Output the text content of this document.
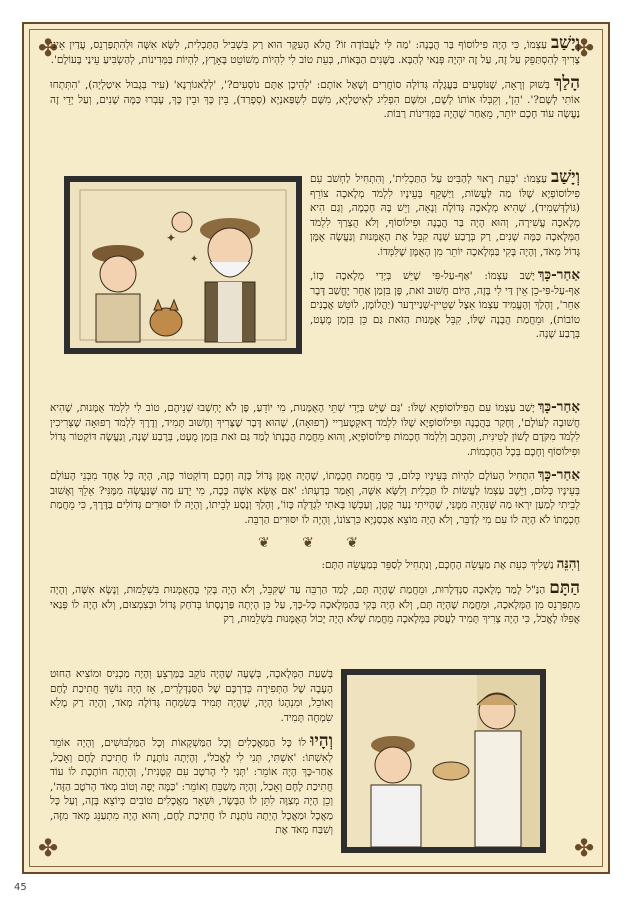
✤	✤
✤	✤

וְיָשַׁבעַצְמוֹ, כִּי הָיָה פִילוֹסוֹף בַּר הֲבָנָה: 'מַה לִּי לַעֲבוֹדָה זוֹ? הֲלֹא הָעִקָּר הוּא רַק בִּשְׁבִיל הַתַּכְלִית, לִשָּׂא אִשָּׁה וּלְהִתְפַּרְנֵס, עֲדַיִן אֵינִי צָרִיךְ לְהִסְתַּפֵּק עַל זֶה, עַל זֶה יִהְיֶה פְּנַאי לְהַבָּא. בַּשָּׁנִים הַבָּאוֹת, כְּעֵת טוֹב לִי לִהְיוֹת מְשׁוֹטֵט בָּאָרֶץ, לִהְיוֹת בַּמְּדִינוֹת, לְהַשְׂבִּיעַ עֵינַי בָּעוֹלָם'.

הָלַךְבְּשׁוּק וְרָאָה, שֶׁנּוֹסְעִים בַּעֲגָלָה גְּדוֹלָה סוֹחֲרִים וְשָׁאַל אוֹתָם: 'לְהֵיכָן אַתֶּם נוֹסְעִים?', 'לְלַאגוֹרְנָא' (עִיר בְּגָבוּל אִיטַלְיָה), 'הִתְּתְחוּ אוֹתִי לְשָׁם?'. 'הֵן', וְקִבְּלוּ אוֹתוֹ לְשָׁם, וּמִשָּׁם הִפְלִיג לְאִיטַלְיָא, מִשָּׁם לִשְׁפַּאנְיָא (סְפָרַד), בֵּין כָּךְ וּבֵין כָּךְ, עָבְרוּ כַּמָּה שָׁנִים, וְעַל יְדֵי זֶה נַעֲשָׂה עוֹד חָכָם יוֹתֵר, מֵאַחַר שֶׁהָיָה בַּמְּדִינוֹת רַבּוֹת.

✦
✦

וְיָשַׁבעַצְמוֹ: 'כְּעֵת רָאוּי לְהַבִּיט עַל הַתַּכְלִית', וְהִתְחִיל לַחְשֹׁב עִם פִילוֹסוֹפְיָא שֶׁלּוֹ מַה לַּעֲשׂוֹת, וַיַּשְׁקֵף בְּעֵינָיו לִלְמֹד מְלָאכָה צוֹרֵף (גּוֹלְדְּשְׁמִיד), שֶׁהִיא מְלָאכָה גְּדוֹלָה וְנָאָה, וְיֵשׁ בָּהּ חָכְמָה, וְגַם הִיא מְלָאכָה עֲשִׁירָה, וְהוּא הָיָה בַּר הֲבָנָה וּפִילוֹסוֹף, וְלֹא הֻצְרַךְ לִלְמֹד הַמְּלָאכָה כַּמָּה שָׁנִים, רַק בְּרֶבַע שָׁנָה קִבֵּל אֶת הָאֻמָּנוּת וְנַעֲשָׂה אֻמָּן גָּדוֹל מְאֹד, וְהָיָה בָּקִי בַּמְּלָאכָה יוֹתֵר מִן הָאֻמָּן שֶׁלִּמְּדוֹ.

אַחַר-כָּךְיָשַׁב עַצְמוֹ: 'אַף-עַל-פִּי שֶׁיֵּשׁ בְּיָדִי מְלָאכָה כָּזוֹ, אַף-עַל-פִּי-כֵן אֵין דַּי לִי בָּזֶה, הַיּוֹם חָשׁוּב זֹאת, פֶּן בִּזְמַן אַחֵר יֶחֱשַׁב דָּבָר אַחֵר', וְהָלַךְ וְהֶעֱמִיד עַצְמוֹ אֵצֶל שְׁטֵיין-שְׁנַיידֶער (יַהֲלוֹמָן, לוֹטֵשׁ אֲבָנִים טוֹבוֹת), וּמֵחֲמַת הֲבָנָה שֶׁלּוֹ, קִבֵּל אֻמָּנוּת הַזֹּאת גַּם כֵּן בִּזְמַן מֻעָט, בְּרֶבַע שָׁנָה.

אַחַר-כָּךְיָשַׁב עַצְמוֹ עִם הַפִילוֹסוֹפְיָא שֶׁלּוֹ: 'גַּם שֶׁיֵּשׁ בְּיָדִי שְׁתֵּי הָאֻמָּנוּת, מִי יוֹדֵעַ, פֶּן לֹא יֶחְשְׁבוּ שְׁנֵיהֶם, טוֹב לִי לִלְמֹד אֻמָּנוּת, שֶׁהִיא חֲשׁוּבָה לְעוֹלָם', וְחָקַר בַּהֲבָנָה וּפִילוֹסוֹפְיָא שֶׁלּוֹ לִלְמֹד דָּאקְטֶערַיי (רְפוּאָה), שֶׁהוּא דָּבָר שֶׁצָּרִיךְ וְחָשׁוּב תָּמִיד, וְדֶרֶךְ לִלְמֹד רְפוּאָה שֶׁצְּרִיכִין לִלְמֹד מִקֹּדֶם לָשׁוֹן לָטִינִית, וְהַכְּתָב וְלִלְמֹד חָכְמוֹת פִילוֹסוֹפְיָא, וְהוּא מֵחֲמַת הֲבָנָתוֹ לָמַד גַּם זֹאת בִּזְמַן מֻעָט, בְּרֶבַע שָׁנָה, וְנַעֲשָׂה דּוֹקְטוֹר גָּדוֹל וּפִילוֹסוֹף וְחָכָם בְּכָל הַחָכְמוֹת.

אַחַר-כָּךְהִתְחִיל הָעוֹלָם לִהְיוֹת בְּעֵינָיו כְּלוּם, כִּי מֵחֲמַת חָכְמָתוֹ, שֶׁהָיָה אֻמָּן גָּדוֹל כָּזֶה וְחָכָם וְדוֹקְטוֹר כָּזֶה, הָיָה כָּל אֶחָד מִבְּנֵי הָעוֹלָם בְּעֵינָיו כְּלוּם, וַיֵּשֶׁב עַצְמוֹ לַעֲשׂוֹת לוֹ תַּכְלִית וְלִשָּׂא אִשָּׁה, וְאָמַר בְּדַעְתּוֹ: 'אִם אֶשָּׂא אִשָּׁה כָּכָה, מִי יֵדַע מַה שֶּׁנַּעֲשָׂה מִמֶּנִּי? אֵלֵךְ וְאָשׁוּב לְבֵיתִי לְמַעַן יִרְאוּ מַה שֶּׁנִּהְיָה מִמֶּנִּי, שֶׁהָיִיתִי נַעַר קָטָן, וְעַכְשָׁו בָּאתִי לִגְדֻלָּה כָּזוֹ', וְהָלַךְ וְנָסַע לְבֵיתוֹ, וְהָיָה לוֹ יִסּוּרִים גְּדוֹלִים בַּדֶּרֶךְ, כִּי מֵחֲמַת חָכְמָתוֹ לֹא הָיָה לוֹ עִם מִי לְדַבֵּר, וְלֹא הָיָה מוֹצֵא אַכְסַנְיָא כִּרְצוֹנוֹ, וְהָיָה לוֹ יִסּוּרִים הַרְבֵּה.

❦ ❦ ❦

וְהִנֵּהנַשְׁלִיךְ כְּעֵת אֶת מַעֲשֵׂה הֶחָכָם, וְנַתְחִיל לְסַפֵּר בְּמַעֲשֵׂה הַתָּם:

הַתָּםהַנַּ"ל לָמַד מְלָאכָה סַנְדְּלָרוּת, וּמֵחֲמַת שֶׁהָיָה תָּם, לָמַד הַרְבֵּה עַד שֶׁקִּבֵּל, וְלֹא הָיָה בָּקִי בָּהָאֻמָּנוּת בִּשְׁלֵמוּת, וְנָשָׂא אִשָּׁה, וְהָיָה מִתְפַּרְנֵס מִן הַמְּלָאכָה, וּמֵחֲמַת שֶׁהָיָה תָּם, וְלֹא הָיָה בָּקִי בַּהַמְּלָאכָה כָּל-כָּךְ, עַל כֵּן הָיְתָה פַּרְנָסָתוֹ בְּדֹחַק גָּדוֹל וּבְצִמְצוּם, וְלֹא הָיָה לוֹ פְּנַאי אֲפִלּוּ לֶאֱכֹל, כִּי הָיָה צָרִיךְ תָּמִיד לַעֲסֹק בַּמְּלָאכָה מֵחֲמַת שֶׁלֹּא הָיָה יָכוֹל הָאֻמָּנוּת בִּשְׁלֵמוּת, רַק

בְּשַׁעַת הַמְּלָאכָה, בְּשָׁעָה שֶׁהָיָה נוֹקֵב בַּמַּרְצֵעַ וְהָיָה מַכְנִיס וּמוֹצִיא הַחוּט הֶעָבֶה שֶׁל הַתְּפִירָה כְּדַרְכָּם שֶׁל הַסַּנְדְּלָרִים, אָז הָיָה נוֹשֵׁךְ חֲתִיכַת לֶחֶם וְאוֹכֵל, וּמִנְהָגוֹ הָיָה, שֶׁהָיָה תָּמִיד בְּשִׂמְחָה גְּדוֹלָה מְאֹד, וְהָיָה רַק מָלֵא שִׂמְחָה תָּמִיד.

וְהָיוּלוֹ כָּל הַמַּאֲכָלִים וְכָל הַמַּשְׁקָאוֹת וְכָל הַמַּלְבּוּשִׁים, וְהָיָה אוֹמֵר לְאִשְׁתּוֹ: 'אִשְׁתִּי, תְּנִי לִי לֶאֱכֹל', וְהָיְתָה נוֹתֶנֶת לוֹ חֲתִיכַת לֶחֶם וְאָכַל, אַחַר-כָּךְ הָיָה אוֹמֵר: 'תְּנִי לִי הָרֹטֶב עִם קְטָנִית', וְהָיְתָה חוֹתֶכֶת לוֹ עוֹד חֲתִיכַת לֶחֶם וְאָכַל, וְהָיָה מְשַׁבֵּחַ וְאוֹמֵר: 'כַּמָּה יָפֶה וְטוֹב מְאֹד הָרֹטֶב הַזֶּה', וְכֵן הָיָה מְצַוֶּה לִתֵּן לוֹ הַבָּשָׂר, וּשְׁאָר מַאֲכָלִים טוֹבִים כְּיוֹצֵא בָּזֶה, וְעַל כָּל מַאֲכָל וּמַאֲכָל הָיְתָה נוֹתֶנֶת לוֹ חֲתִיכַת לֶחֶם, וְהוּא הָיָה מִתְעַנֵּג מְאֹד מִזֶּה, וְשִׁבַּח מְאֹד אֶת

45
